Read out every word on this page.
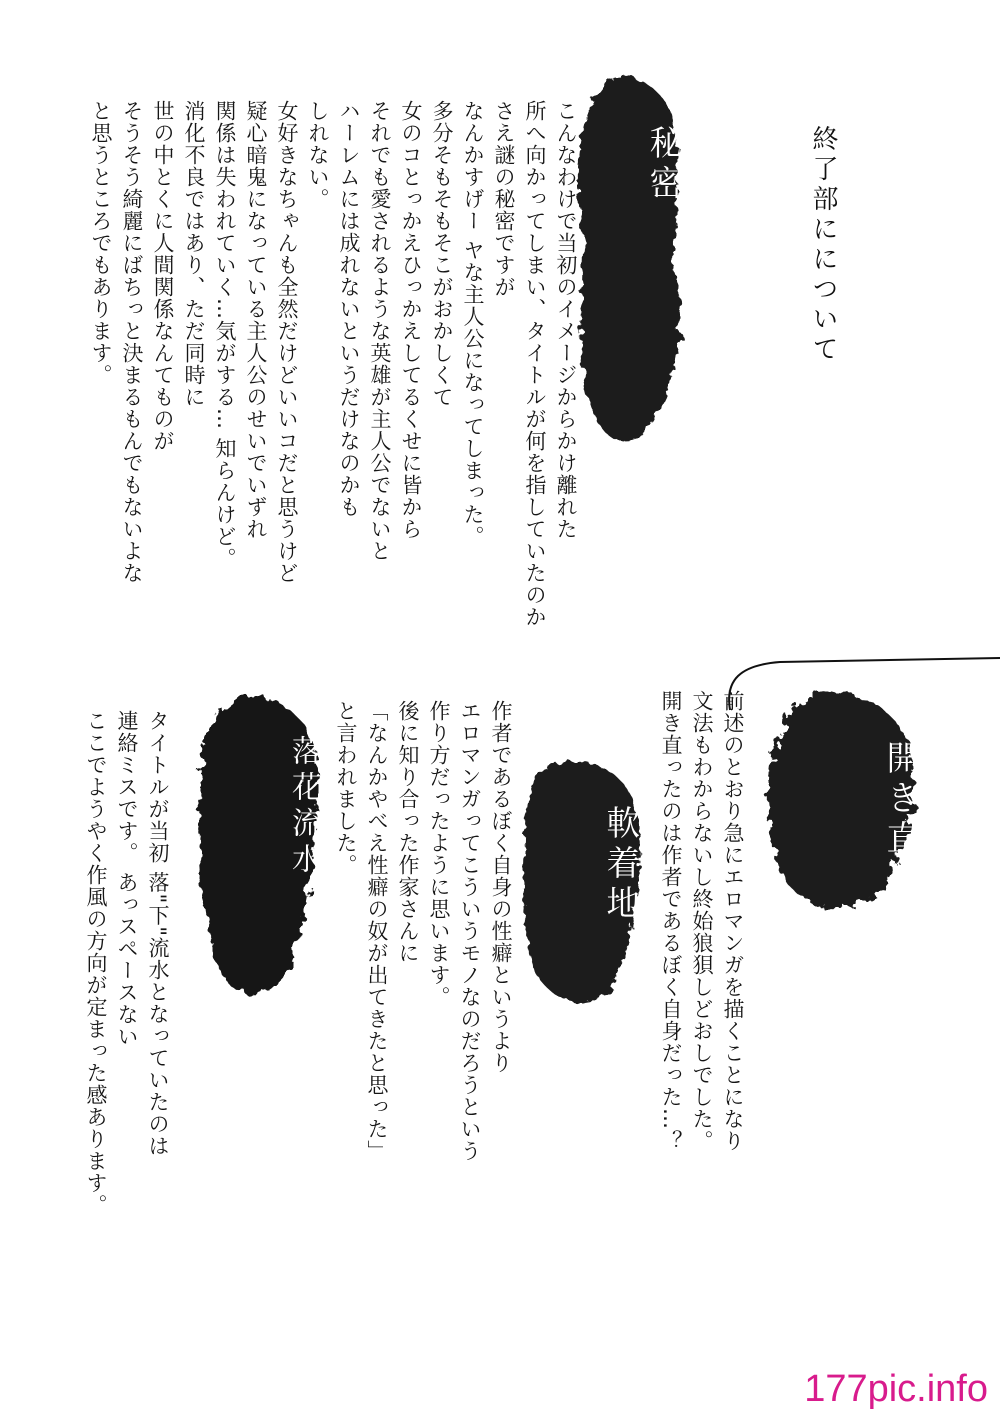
終了部にについて
秘密
こんなわけで当初のイメージからかけ離れた
所へ向かってしまい、タイトルが何を指していたのか
さえ謎の秘密ですが
なんかすげー ヤな主人公になってしまった。
多分そもそもそこがおかしくて
女のコとっかえひっかえしてるくせに皆から
それでも愛されるような英雄が主人公でないと
ハーレムには成れないというだけなのかも
しれない。
女好きなちゃんも全然だけどいいコだと思うけど
疑心暗鬼になっている主人公のせいでいずれ
関係は失われていく…気がする… 知らんけど。
消化不良ではあり、ただ同時に
世の中とくに人間関係なんてものが
そうそう綺麗にばちっと決まるもんでもないよな
と思うところでもあります。
開き直り
前述のとおり急にエロマンガを描くことになり
文法もわからないし終始狼狽しどおしでした。
開き直ったのは作者であるぼく自身だった…？
軟着地
作者であるぼく自身の性癖というより
エロマンガってこういうモノなのだろうという
作り方だったように思います。
後に知り合った作家さんに
「なんかやべえ性癖の奴が出てきたと思った」
と言われました。
落花流水
タイトルが当初 落"下"流水となっていたのは
連絡ミスです。 あっスペースない
ここでようやく作風の方向が定まった感あります。
177pic.info
